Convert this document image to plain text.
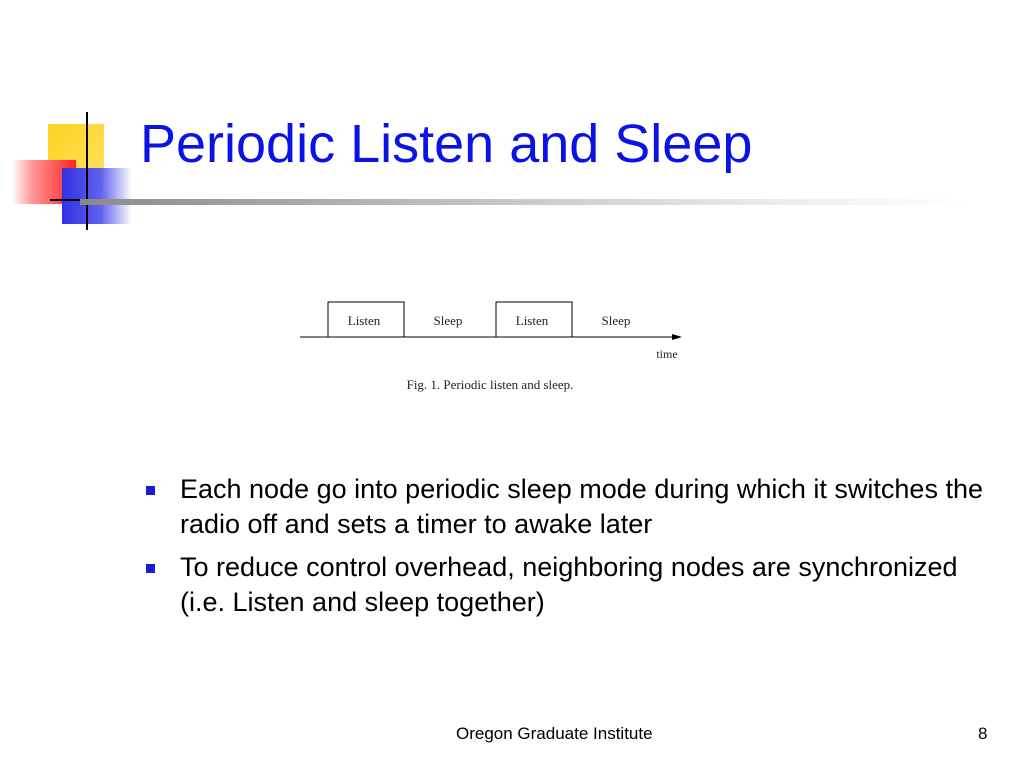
Periodic Listen and Sleep
Listen	Sleep	Listen	Sleep
time
Fig. 1. Periodic listen and sleep.
Each node go into periodic sleep mode during which it switches the radio off and sets a timer to awake later
To reduce control overhead, neighboring nodes are synchronized (i.e. Listen and sleep together)
Oregon Graduate Institute	8
